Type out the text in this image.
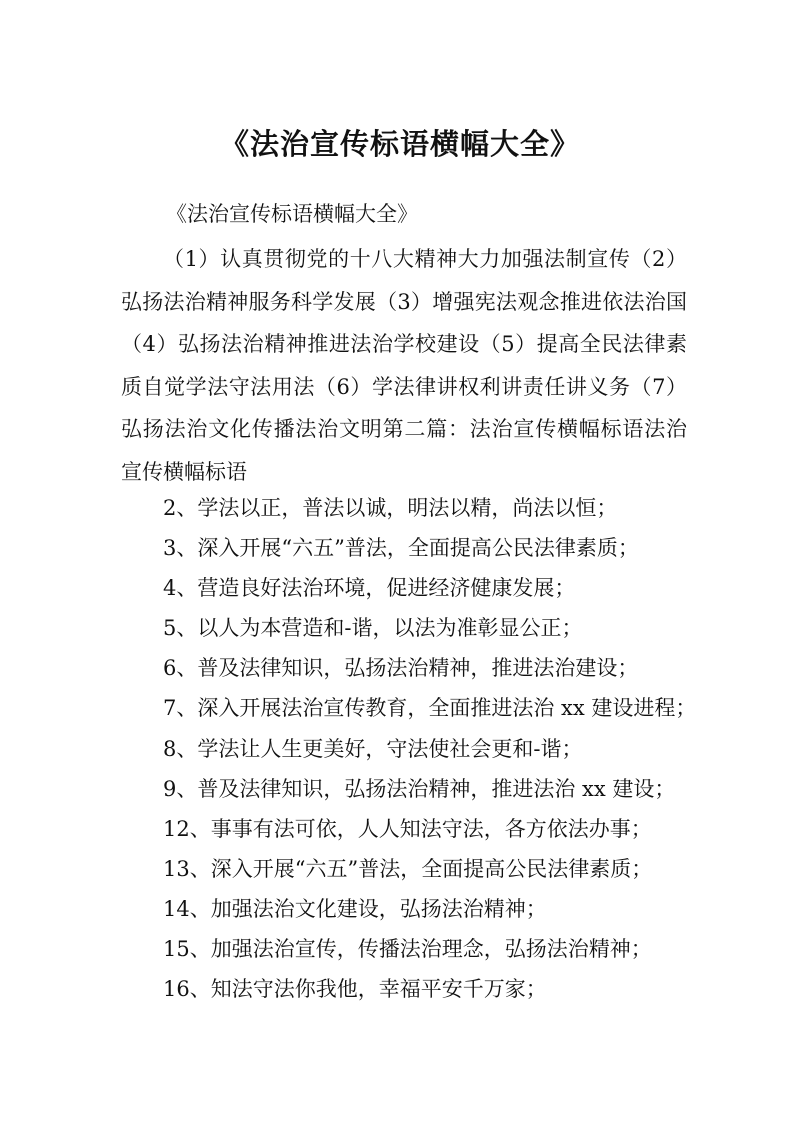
《法治宣传标语横幅大全》
《法治宣传标语横幅大全》
（1）认真贯彻党的十八大精神大力加强法制宣传（2）弘扬法治精神服务科学发展（3）增强宪法观念推进依法治国（4）弘扬法治精神推进法治学校建设（5）提高全民法律素质自觉学法守法用法（6）学法律讲权利讲责任讲义务（7）弘扬法治文化传播法治文明第二篇：法治宣传横幅标语法治宣传横幅标语
2、学法以正，普法以诚，明法以精，尚法以恒；
3、深入开展“六五”普法，全面提高公民法律素质；
4、营造良好法治环境，促进经济健康发展；
5、以人为本营造和-谐，以法为准彰显公正；
6、普及法律知识，弘扬法治精神，推进法治建设；
7、深入开展法治宣传教育，全面推进法治 xx 建设进程；
8、学法让人生更美好，守法使社会更和-谐；
9、普及法律知识，弘扬法治精神，推进法治 xx 建设；
12、事事有法可依，人人知法守法，各方依法办事；
13、深入开展“六五”普法，全面提高公民法律素质；
14、加强法治文化建设，弘扬法治精神；
15、加强法治宣传，传播法治理念，弘扬法治精神；
16、知法守法你我他，幸福平安千万家；
